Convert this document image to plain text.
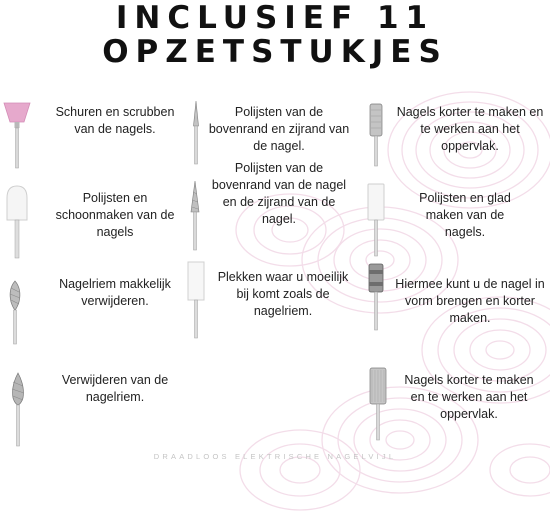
INCLUSIEF 11
OPZETSTUKJES
Schuren en scrubben
van de nagels.
Polijsten van de
bovenrand en zijrand van
de nagel.
Nagels korter te maken en
te werken aan het
oppervlak.
Polijsten en
schoonmaken van de
nagels
Polijsten van de
bovenrand van de nagel
en de zijrand van de
nagel.
Polijsten en glad
maken van de
nagels.
Nagelriem makkelijk
verwijderen.
Plekken waar u moeilijk
bij komt zoals de
nagelriem.
Hiermee kunt u de nagel in
vorm brengen en korter
maken.
Verwijderen van de
nagelriem.
Nagels korter te maken
en te werken aan het
oppervlak.
DRAADLOOS ELEKTRISCHE NAGELVIJL
